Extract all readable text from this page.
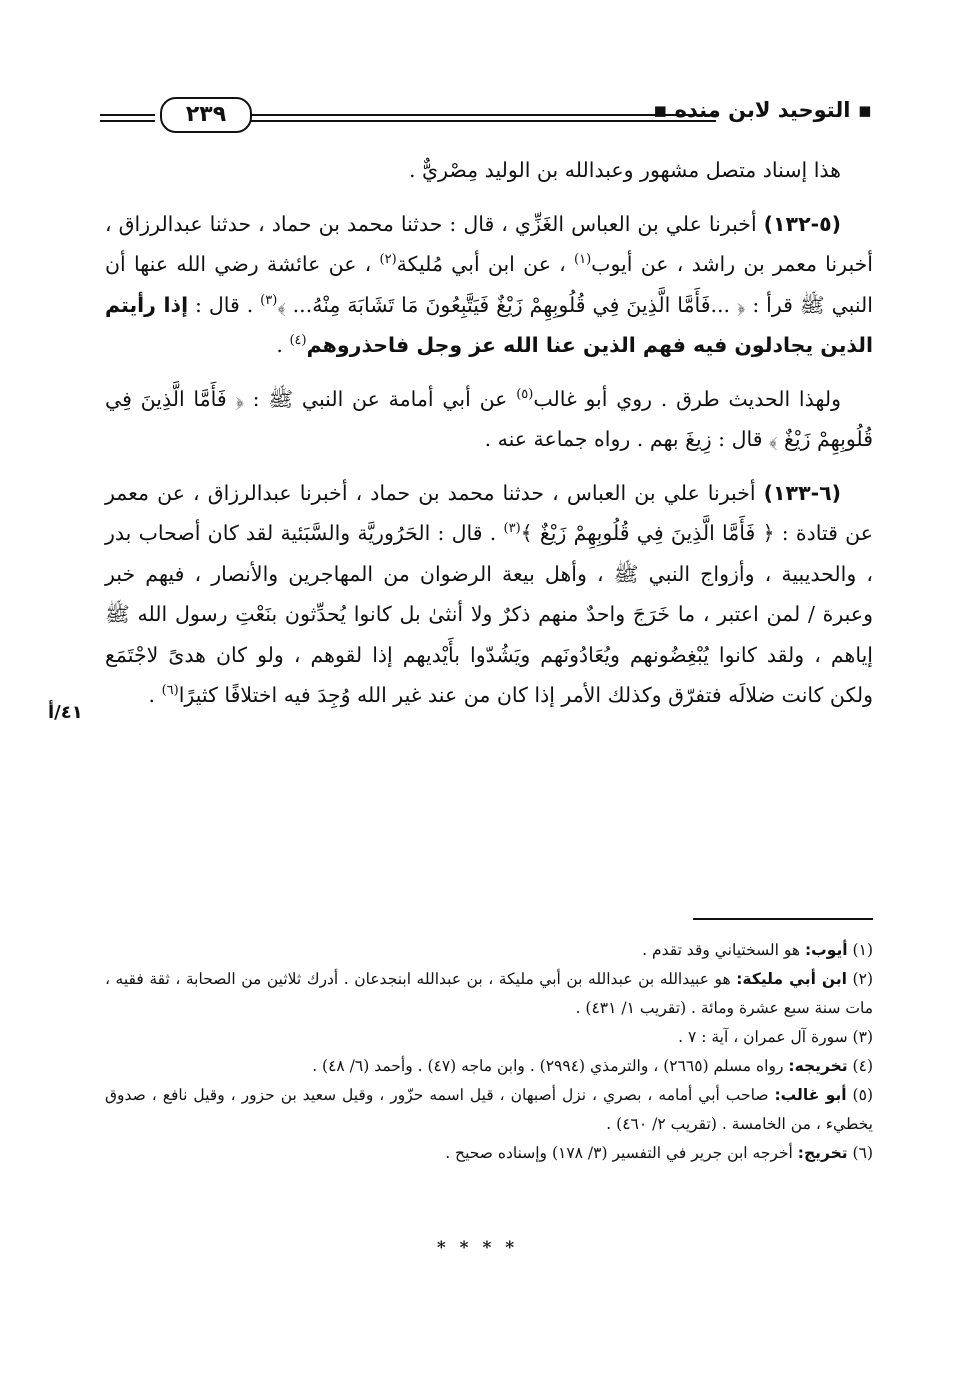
▪ التوحيد لابن منده ▪
٢٣٩

هذا إسناد متصل مشهور وعبدالله بن الوليد مِصْريٌّ .

(٥-١٣٢) أخبرنا علي بن العباس الغَزِّي ، قال : حدثنا محمد بن حماد ، حدثنا عبدالرزاق ، أخبرنا معمر بن راشد ، عن أيوب$^{(١)}$ ، عن ابن أبي مُليكة$^{(٢)}$ ، عن عائشة رضي الله عنها أن النبي ﷺ قرأ : ﴿ ...فَأَمَّا الَّذِينَ فِي قُلُوبِهِمْ زَيْغٌ فَيَتَّبِعُونَ مَا تَشَابَهَ مِنْهُ... ﴾$^{(٣)}$ . قال : إذا رأيتم الذين يجادلون فيه فهم الذين عنا الله عز وجل فاحذروهم$^{(٤)}$ .

ولهذا الحديث طرق . روي أبو غالب$^{(٥)}$ عن أبي أمامة عن النبي ﷺ : ﴿ فَأَمَّا الَّذِينَ فِي قُلُوبِهِمْ زَيْغٌ ﴾ قال : زِيغَ بهم . رواه جماعة عنه .

(٦-١٣٣) أخبرنا علي بن العباس ، حدثنا محمد بن حماد ، أخبرنا عبدالرزاق ، عن معمر عن قتادة : ﴿ فَأَمَّا الَّذِينَ فِي قُلُوبِهِمْ زَيْغٌ ﴾$^{(٣)}$ . قال : الحَرُوريَّة والسَّبَئية لقد كان أصحاب بدر ، والحديبية ، وأزواج النبي ﷺ ، وأهل بيعة الرضوان من المهاجرين والأنصار ، فيهم خبر وعبرة / لمن اعتبر ، ما خَرَجَ واحدٌ منهم ذكرٌ ولا أنثىٰ بل كانوا يُحدِّثون بنَعْتِ رسول الله ﷺ إياهم ، ولقد كانوا يُبْغِضُونهم ويُعَادُونَهم ويَشُدّوا بأَيْديهم إذا لقوهم ، ولو كان هدىً لاجْتَمَع ولكن كانت ضلالَه فتفرّق وكذلك الأمر إذا كان من عند غير الله وُجِدَ فيه اختلافًا كثيرًا$^{(٦)}$ .

٤١/أ
(١) أيوب: هو السختياني وقد تقدم .
(٢) ابن أبي مليكة: هو عبيدالله بن عبدالله بن أبي مليكة ، بن عبدالله ابنجدعان . أدرك ثلاثين من الصحابة ، ثقة فقيه ، مات سنة سبع عشرة ومائة . (تقريب ١/ ٤٣١) .
(٣) سورة آل عمران ، آية : ٧ .
(٤) تخريجه: رواه مسلم (٢٦٦٥) ، والترمذي (٢٩٩٤) . وابن ماجه (٤٧) . وأحمد (٦/ ٤٨) .
(٥) أبو غالب: صاحب أبي أمامه ، بصري ، نزل أصبهان ، قيل اسمه حزّور ، وقيل سعيد بن حزور ، وقيل نافع ، صدوق يخطيء ، من الخامسة . (تقريب ٢/ ٤٦٠) .
(٦) تخريج: أخرجه ابن جرير في التفسير (٣/ ١٧٨) وإسناده صحيح .
* * * *
